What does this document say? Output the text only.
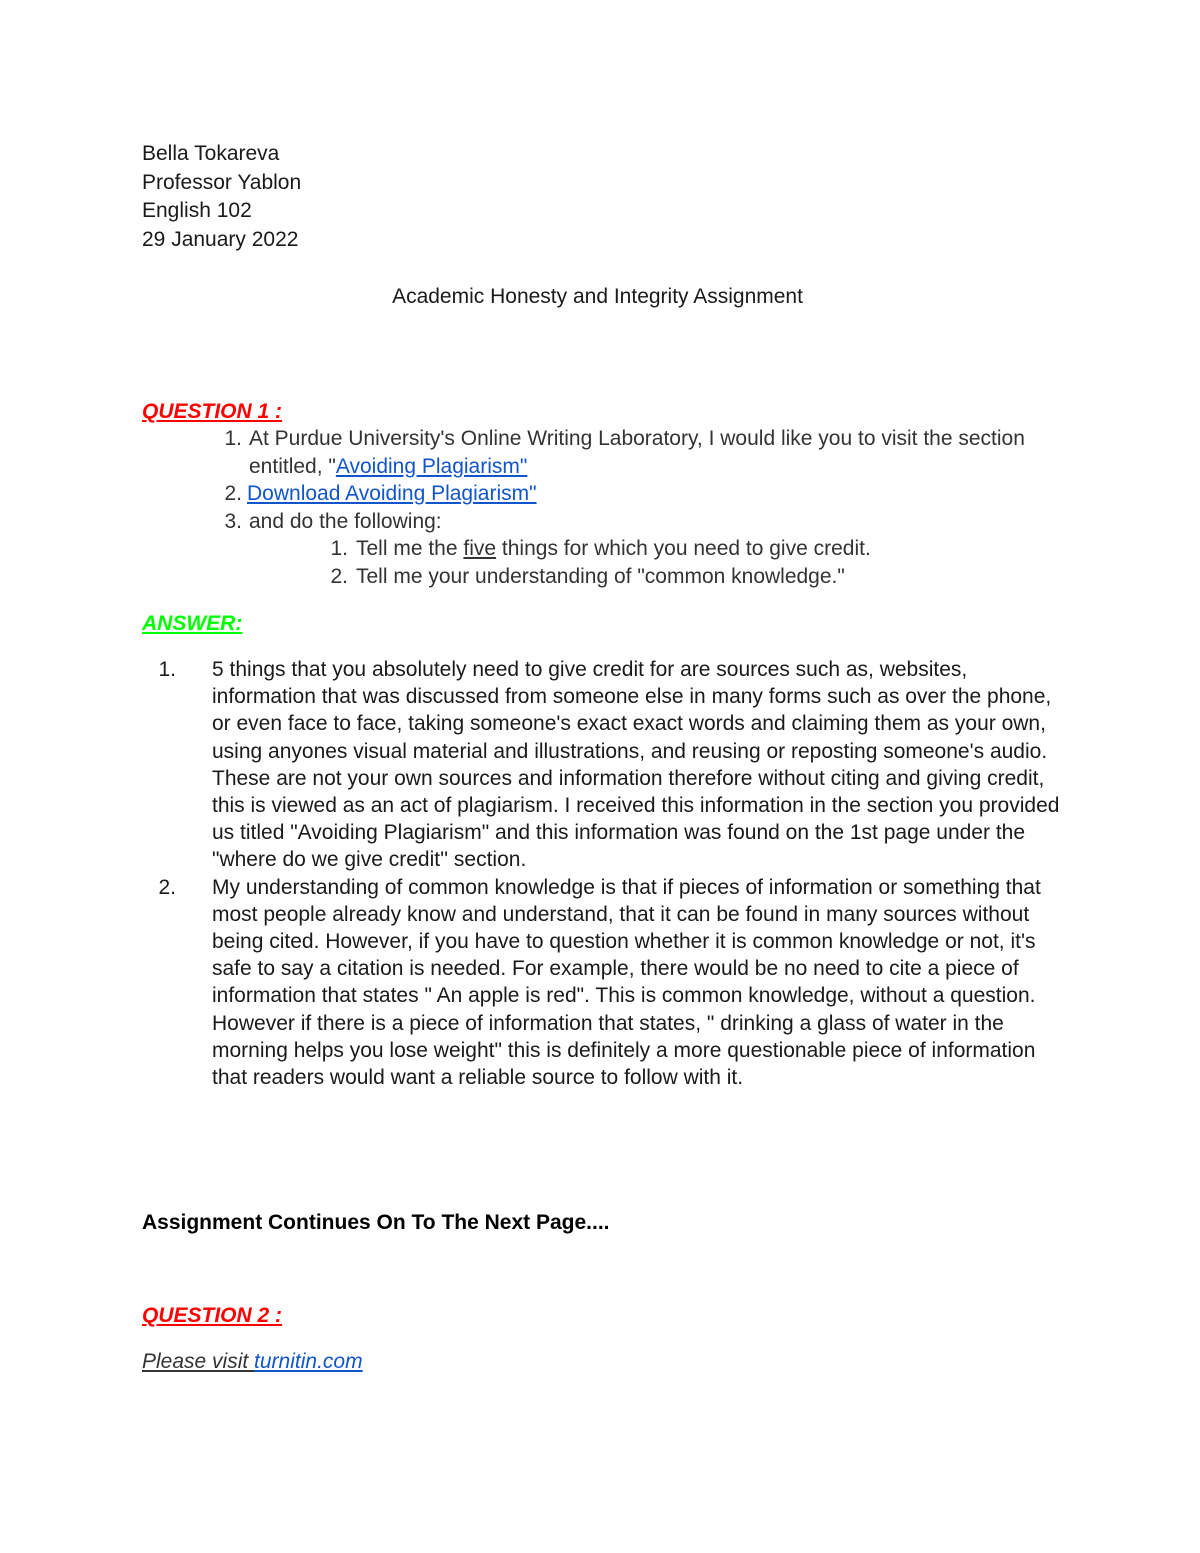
Bella Tokareva
Professor Yablon
English 102
29 January 2022
Academic Honesty and Integrity Assignment
QUESTION 1 :
1. At Purdue University's Online Writing Laboratory, I would like you to visit the section entitled, "Avoiding Plagiarism"
2. Download Avoiding Plagiarism"
3. and do the following:
1. Tell me the five things for which you need to give credit.
2. Tell me your understanding of "common knowledge."
ANSWER:
1. 5 things that you absolutely need to give credit for are sources such as, websites, information that was discussed from someone else in many forms such as over the phone, or even face to face, taking someone's exact exact words and claiming them as your own, using anyones visual material and illustrations, and reusing or reposting someone's audio. These are not your own sources and information therefore without citing and giving credit, this is viewed as an act of plagiarism. I received this information in the section you provided us titled "Avoiding Plagiarism" and this information was found on the 1st page under the "where do we give credit'' section.
2. My understanding of common knowledge is that if pieces of information or something that most people already know and understand, that it can be found in many sources without being cited. However, if you have to question whether it is common knowledge or not, it's safe to say a citation is needed. For example, there would be no need to cite a piece of information that states " An apple is red". This is common knowledge, without a question. However if there is a piece of information that states, " drinking a glass of water in the morning helps you lose weight" this is definitely a more questionable piece of information that readers would want a reliable source to follow with it.
Assignment Continues On To The Next Page....
QUESTION 2 :
Please visit turnitin.com
